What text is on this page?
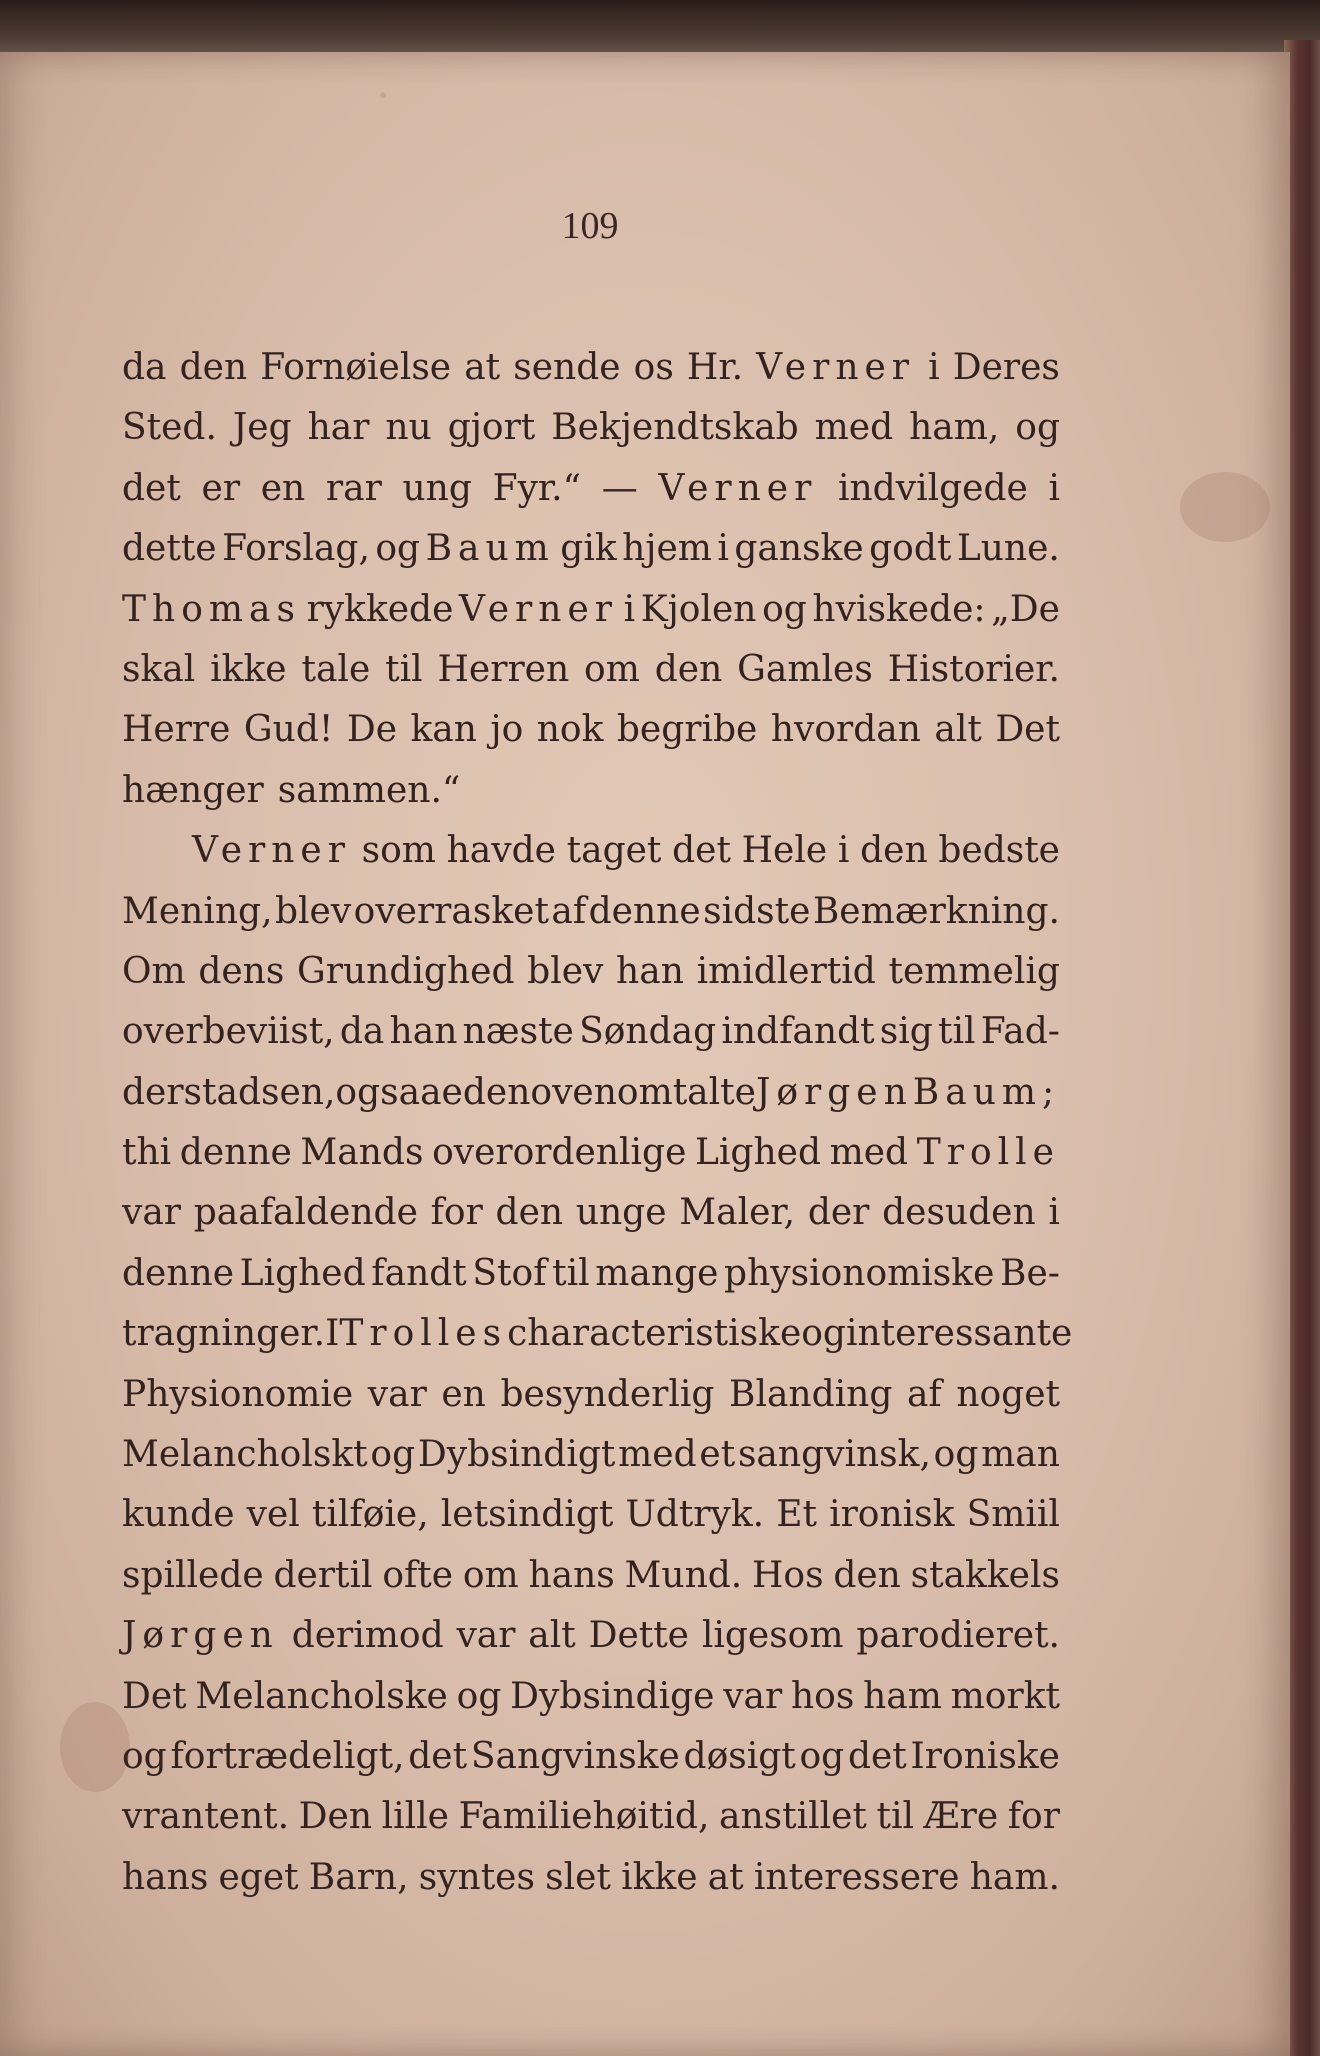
109
da den Fornøielse at sende os Hr. Verner i Deres
Sted. Jeg har nu gjort Bekjendtskab med ham, og
det er en rar ung Fyr.“ — Verner indvilgede i
dette Forslag, og Baum gik hjem i ganske godt Lune.
Thomas rykkede Verner i Kjolen og hviskede: „De
skal ikke tale til Herren om den Gamles Historier.
Herre Gud! De kan jo nok begribe hvordan alt Det
hænger sammen.“
Verner som havde taget det Hele i den bedste
Mening, blev overrasket af denne sidste Bemærkning.
Om dens Grundighed blev han imidlertid temmelig
overbeviist, da han næste Søndag indfandt sig til Fad-
derstadsen, og saae den ovenomtalte Jørgen Baum;
thi denne Mands overordenlige Lighed med Trolle
var paafaldende for den unge Maler, der desuden i
denne Lighed fandt Stof til mange physionomiske Be-
tragninger. I Trolles characteristiske og interessante
Physionomie var en besynderlig Blanding af noget
Melancholskt og Dybsindigt med et sangvinsk, og man
kunde vel tilføie, letsindigt Udtryk. Et ironisk Smiil
spillede dertil ofte om hans Mund. Hos den stakkels
Jørgen derimod var alt Dette ligesom parodieret.
Det Melancholske og Dybsindige var hos ham morkt
og fortrædeligt, det Sangvinske døsigt og det Ironiske
vrantent. Den lille Familiehøitid, anstillet til Ære for
hans eget Barn, syntes slet ikke at interessere ham.
